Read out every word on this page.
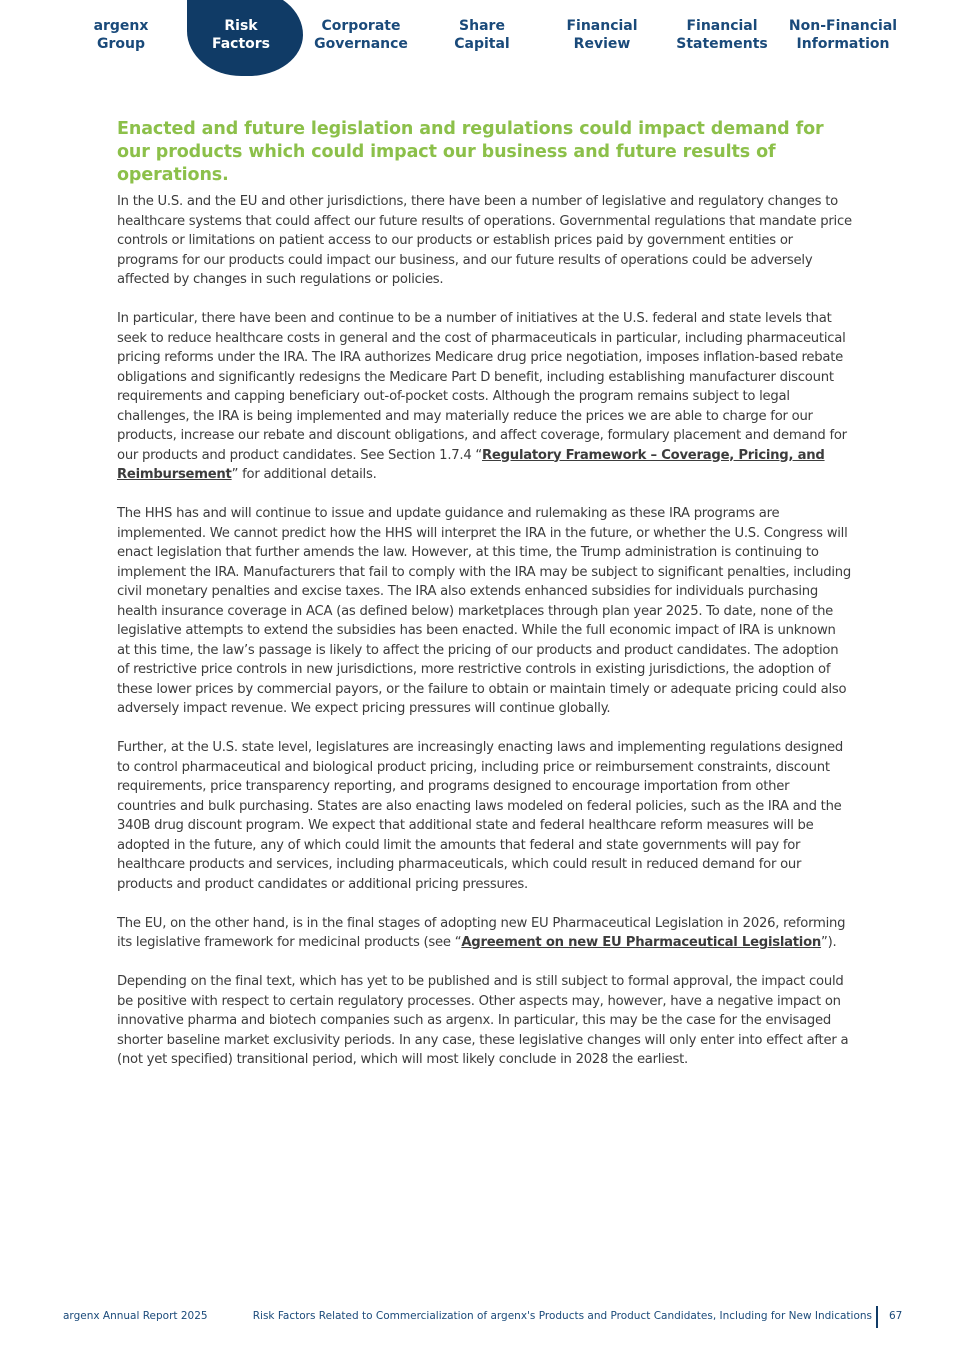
argenx
Group
Risk
Factors
Corporate
Governance
Share
Capital
Financial
Review
Financial
Statements
Non-Financial
Information
Enacted and future legislation and regulations could impact demand for our products which could impact our business and future results of operations.

In the U.S. and the EU and other jurisdictions, there have been a number of legislative and regulatory changes to healthcare systems that could affect our future results of operations. Governmental regulations that mandate price controls or limitations on patient access to our products or establish prices paid by government entities or programs for our products could impact our business, and our future results of operations could be adversely affected by changes in such regulations or policies.

In particular, there have been and continue to be a number of initiatives at the U.S. federal and state levels that seek to reduce healthcare costs in general and the cost of pharmaceuticals in particular, including pharmaceutical pricing reforms under the IRA. The IRA authorizes Medicare drug price negotiation, imposes inflation-based rebate obligations and significantly redesigns the Medicare Part D benefit, including establishing manufacturer discount requirements and capping beneficiary out-of-pocket costs. Although the program remains subject to legal challenges, the IRA is being implemented and may materially reduce the prices we are able to charge for our products, increase our rebate and discount obligations, and affect coverage, formulary placement and demand for our products and product candidates. See Section 1.7.4 “Regulatory Framework – Coverage, Pricing, and Reimbursement” for additional details.

The HHS has and will continue to issue and update guidance and rulemaking as these IRA programs are implemented. We cannot predict how the HHS will interpret the IRA in the future, or whether the U.S. Congress will enact legislation that further amends the law. However, at this time, the Trump administration is continuing to implement the IRA. Manufacturers that fail to comply with the IRA may be subject to significant penalties, including civil monetary penalties and excise taxes. The IRA also extends enhanced subsidies for individuals purchasing health insurance coverage in ACA (as defined below) marketplaces through plan year 2025. To date, none of the legislative attempts to extend the subsidies has been enacted. While the full economic impact of IRA is unknown at this time, the law’s passage is likely to affect the pricing of our products and product candidates. The adoption of restrictive price controls in new jurisdictions, more restrictive controls in existing jurisdictions, the adoption of these lower prices by commercial payors, or the failure to obtain or maintain timely or adequate pricing could also adversely impact revenue. We expect pricing pressures will continue globally.

Further, at the U.S. state level, legislatures are increasingly enacting laws and implementing regulations designed to control pharmaceutical and biological product pricing, including price or reimbursement constraints, discount requirements, price transparency reporting, and programs designed to encourage importation from other countries and bulk purchasing. States are also enacting laws modeled on federal policies, such as the IRA and the 340B drug discount program. We expect that additional state and federal healthcare reform measures will be adopted in the future, any of which could limit the amounts that federal and state governments will pay for healthcare products and services, including pharmaceuticals, which could result in reduced demand for our products and product candidates or additional pricing pressures.

The EU, on the other hand, is in the final stages of adopting new EU Pharmaceutical Legislation in 2026, reforming its legislative framework for medicinal products (see “Agreement on new EU Pharmaceutical Legislation”).

Depending on the final text, which has yet to be published and is still subject to formal approval, the impact could be positive with respect to certain regulatory processes. Other aspects may, however, have a negative impact on innovative pharma and biotech companies such as argenx. In particular, this may be the case for the envisaged shorter baseline market exclusivity periods. In any case, these legislative changes will only enter into effect after a (not yet specified) transitional period, which will most likely conclude in 2028 the earliest.

argenx Annual Report 2025	Risk Factors Related to Commercialization of argenx's Products and Product Candidates, Including for New Indications 67
